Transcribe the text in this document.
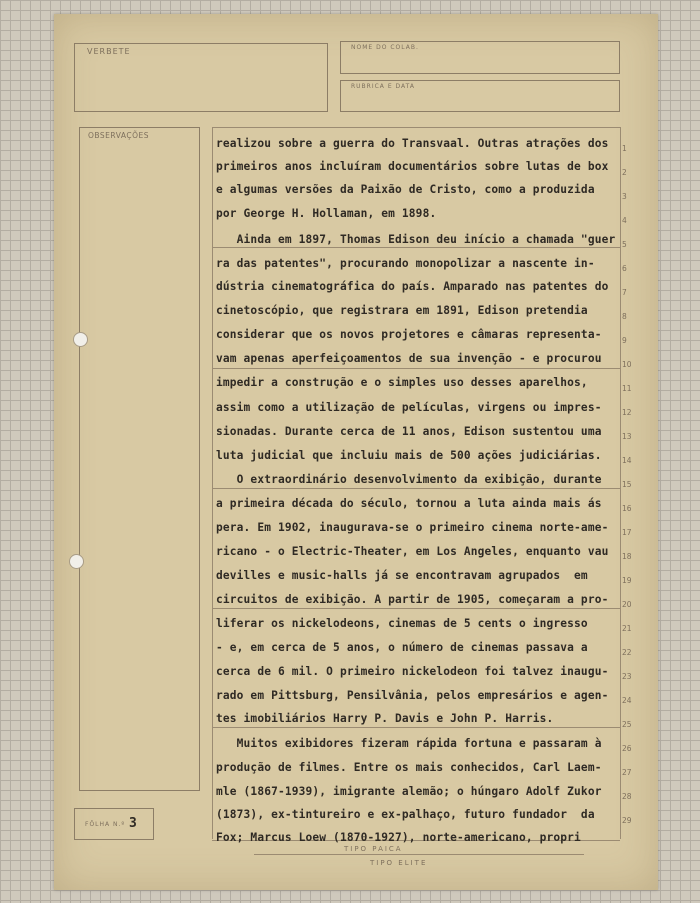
VERBETE	NOME DO COLAB.
RUBRICA E DATA
OBSERVAÇÕES
FÔLHA N.º 3
realizou sobre a guerra do Transvaal. Outras atrações dos
primeiros anos incluíram documentários sobre lutas de box
e algumas versões da Paixão de Cristo, como a produzida
por George H. Hollaman, em 1898.
Ainda em 1897, Thomas Edison deu início a chamada "guer
ra das patentes", procurando monopolizar a nascente in-
dústria cinematográfica do país. Amparado nas patentes do
cinetoscópio, que registrara em 1891, Edison pretendia
considerar que os novos projetores e câmaras representa-
vam apenas aperfeiçoamentos de sua invenção - e procurou
impedir a construção e o simples uso desses aparelhos,
assim como a utilização de películas, virgens ou impres-
sionadas. Durante cerca de 11 anos, Edison sustentou uma
luta judicial que incluiu mais de 500 ações judiciárias.
O extraordinário desenvolvimento da exibição, durante
a primeira década do século, tornou a luta ainda mais ás
pera. Em 1902, inaugurava-se o primeiro cinema norte-ame-
ricano - o Electric-Theater, em Los Angeles, enquanto vau
devilles e music-halls já se encontravam agrupados  em
circuitos de exibição. A partir de 1905, começaram a pro-
liferar os nickelodeons, cinemas de 5 cents o ingresso
- e, em cerca de 5 anos, o número de cinemas passava a
cerca de 6 mil. O primeiro nickelodeon foi talvez inaugu-
rado em Pittsburg, Pensilvânia, pelos empresários e agen-
tes imobiliários Harry P. Davis e John P. Harris.
Muitos exibidores fizeram rápida fortuna e passaram à
produção de filmes. Entre os mais conhecidos, Carl Laem-
mle (1867-1939), imigrante alemão; o húngaro Adolf Zukor
(1873), ex-tintureiro e ex-palhaço, futuro fundador  da
Fox; Marcus Loew (1870-1927), norte-americano, propri
1
2
3
4
5
6
7
8
9
10
11
12
13
14
15
16
17
18
19
20
21
22
23
24
25
26
27
28
29
TIPO PAICA
TIPO ELITE
